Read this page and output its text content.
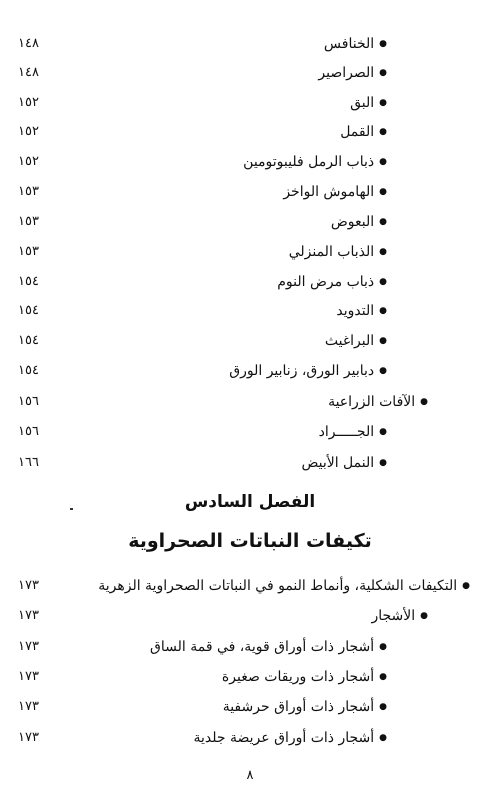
١٤٨	●الخنافس
١٤٨	●الصراصير
١٥٢	●البق
١٥٢	●القمل
١٥٢	●ذباب الرمل فليبوتومين
١٥٣	●الهاموش الواخز
١٥٣	●البعوض
١٥٣	●الذباب المنزلي
١٥٤	●ذباب مرض النوم
١٥٤	●التدويد
١٥٤	●البراغيث
١٥٤	●دبابير الورق، زنابير الورق
١٥٦	●الآفات الزراعية
١٥٦	●الجـــــراد
١٦٦	●النمل الأبيض
الفصل السادس
تكيفات النباتات الصحراوية
١٧٣	●التكيفات الشكلية، وأنماط النمو في النباتات الصحراوية الزهرية
١٧٣	●الأشجار
١٧٣	●أشجار ذات أوراق قوية، في قمة الساق
١٧٣	●أشجار ذات وريقات صغيرة
١٧٣	●أشجار ذات أوراق حرشفية
١٧٣	●أشجار ذات أوراق عريضة جلدية
٨
